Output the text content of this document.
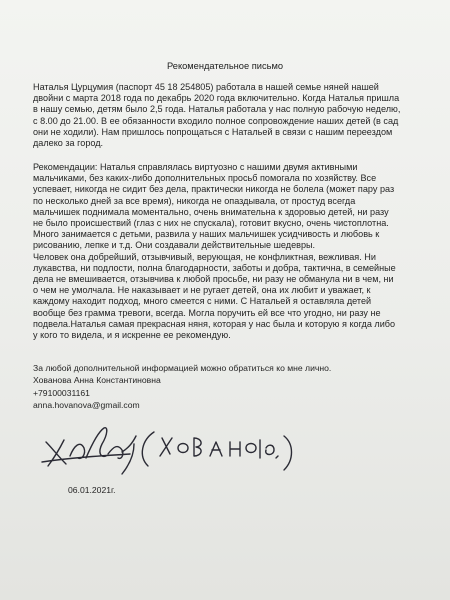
Рекомендательное письмо

Наталья Цурцумия (паспорт 45 18 254805) работала в нашей семье няней нашей
двойни с марта 2018 года по декабрь 2020 года включительно. Когда Наталья пришла
в нашу семью, детям было 2,5 года. Наталья работала у нас полную рабочую неделю,
с 8.00 до 21.00. В ее обязанности входило полное сопровождение наших детей (в сад
они не ходили). Нам пришлось попрощаться с Натальей в связи с нашим переездом
далеко за город.

Рекомендации: Наталья справлялась виртуозно с нашими двумя активными
мальчиками, без каких-либо дополнительных просьб помогала по хозяйству. Все
успевает, никогда не сидит без дела, практически никогда не болела (может пару раз
по несколько дней за все время), никогда не опаздывала, от простуд всегда
мальчишек поднимала моментально, очень внимательна к здоровью детей, ни разу
не было происшествий (глаз с них не спускала), готовит вкусно, очень чистоплотна.
Много занимается с детьми, развила у наших мальчишек усидчивость и любовь к
рисованию, лепке и т.д. Они создавали действительные шедевры.
Человек она добрейший, отзывчивый, верующая, не конфликтная, вежливая. Ни
лукавства, ни подлости, полна благодарности, заботы и добра, тактична, в семейные
дела не вмешивается, отзывчива к любой просьбе, ни разу не обманула ни в чем, ни
о чем не умолчала. Не наказывает и не ругает детей, она их любит и уважает, к
каждому находит подход, много смеется с ними. С Натальей я оставляла детей
вообще без грамма тревоги, всегда. Могла поручить ей все что угодно, ни разу не
подвела.Наталья самая прекрасная няня, которая у нас была и которую я когда либо
у кого то видела, и я искренне ее рекомендую.

За любой дополнительной информацией можно обратиться ко мне лично.
Хованова Анна Константиновна
+79100031161
anna.hovanova@gmail.com
06.01.2021г.
